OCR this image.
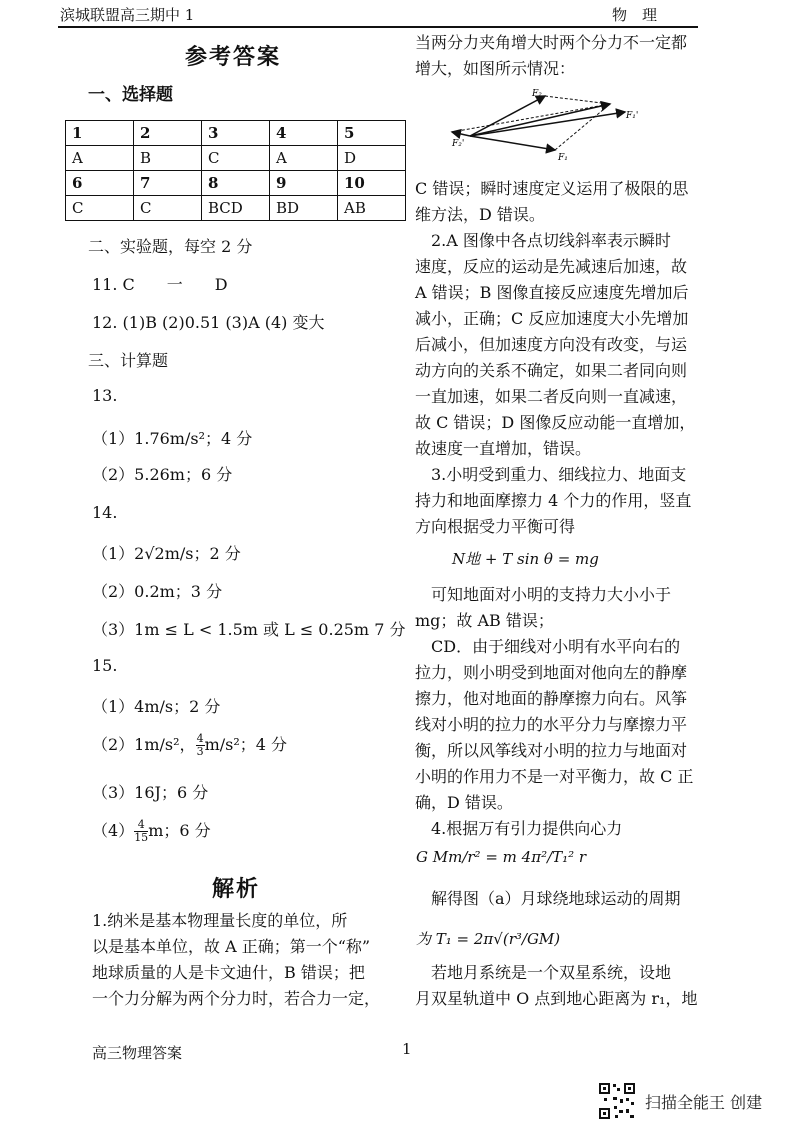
滨城联盟高三期中 1	物　理
参考答案
一、选择题
1	2	3	4	5
A	B	C	A	D
6	7	8	9	10
C	C	BCD	BD	AB
二、实验题，每空 2 分
11. C　　一　　D
12. (1)B (2)0.51 (3)A (4) 变大
三、计算题
13.
（1）1.76m/s²；4 分
（2）5.26m；6 分
14.
（1）2√2m/s；2 分
（2）0.2m；3 分
（3）1m ≤ L < 1.5m 或 L ≤ 0.25m 7 分
15.
（1）4m/s；2 分
（2）1m/s²， $\frac{4}{3} m/s^2$；4 分
（3）16J；6 分
$(4) \frac{4}{15}$ m；6 分
解析
1.纳米是基本物理量长度的单位，所
以是基本单位，故 A 正确；第一个“称”
地球质量的人是卡文迪什，B 错误；把
一个力分解为两个分力时，若合力一定，
当两分力夹角增大时两个分力不一定都
增大，如图所示情况：
F₂
F₁'
F₂'
F₁
C 错误；瞬时速度定义运用了极限的思
维方法，D 错误。
　2.A 图像中各点切线斜率表示瞬时
速度，反应的运动是先减速后加速，故
A 错误；B 图像直接反应速度先增加后
减小，正确；C 反应加速度大小先增加
后减小，但加速度方向没有改变，与运
动方向的关系不确定，如果二者同向则
一直加速，如果二者反向则一直减速，
故 C 错误；D 图像反应动能一直增加，
故速度一直增加，错误。
　3.小明受到重力、细线拉力、地面支
持力和地面摩擦力 4 个力的作用，竖直
方向根据受力平衡可得
N地 + T sin θ = mg
　可知地面对小明的支持力大小小于
mg；故 AB 错误；
　CD．由于细线对小明有水平向右的
拉力，则小明受到地面对他向左的静摩
擦力，他对地面的静摩擦力向右。风筝
线对小明的拉力的水平分力与摩擦力平
衡，所以风筝线对小明的拉力与地面对
小明的作用力不是一对平衡力，故 C 正
确，D 错误。
　4.根据万有引力提供向心力
G Mm/r² = m 4π²/T₁² r
　解得图（a）月球绕地球运动的周期
为 T₁ = 2π√(r³/GM)
　若地月系统是一个双星系统，设地
月双星轨道中 O 点到地心距离为 r₁，地
高三物理答案	1
扫描全能王 创建
